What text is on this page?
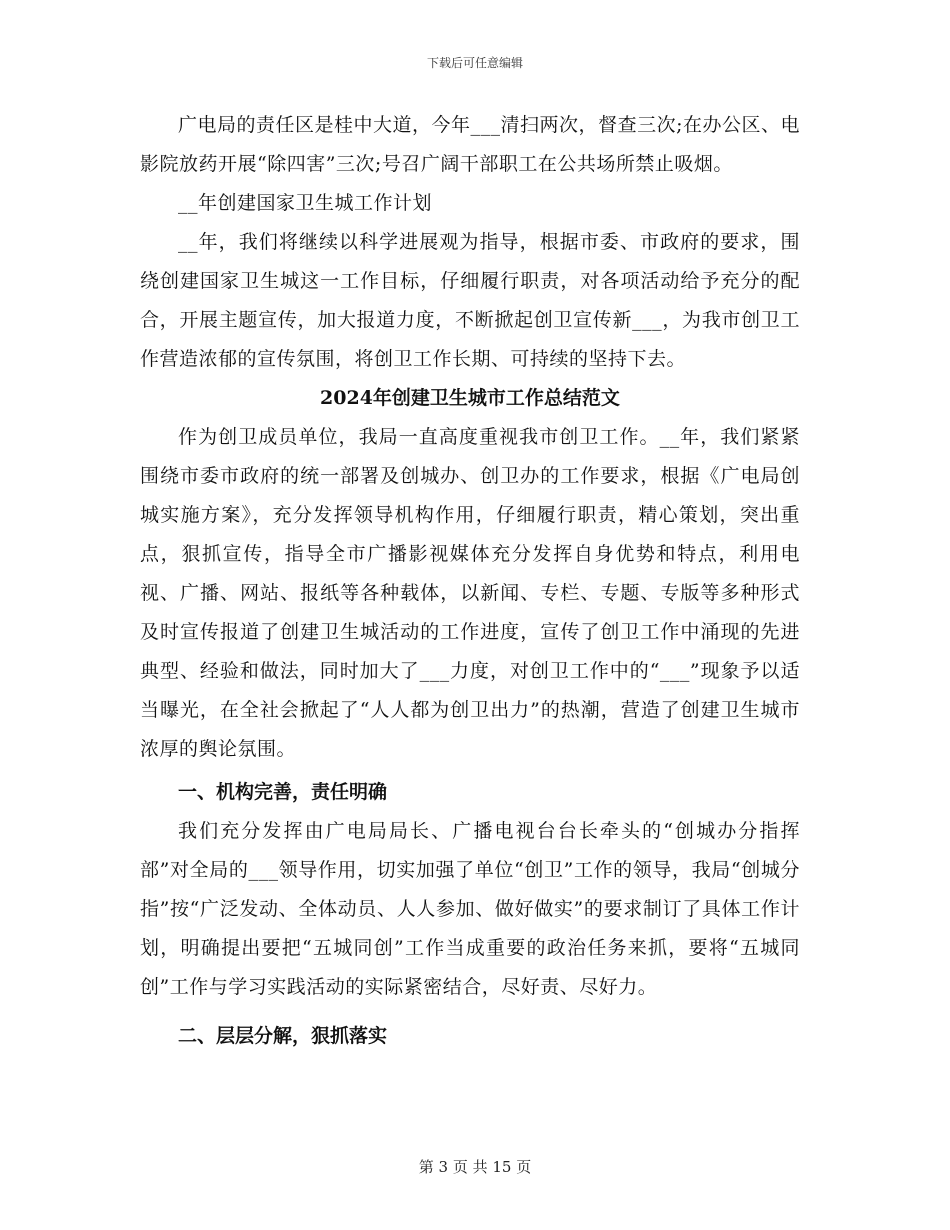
下载后可任意编辑

广电局的责任区是桂中大道，今年___清扫两次，督查三次;在办公区、电影院放药开展“除四害”三次;号召广阔干部职工在公共场所禁止吸烟。

__年创建国家卫生城工作计划

__年，我们将继续以科学进展观为指导，根据市委、市政府的要求，围绕创建国家卫生城这一工作目标，仔细履行职责，对各项活动给予充分的配合，开展主题宣传，加大报道力度，不断掀起创卫宣传新___，为我市创卫工作营造浓郁的宣传氛围，将创卫工作长期、可持续的坚持下去。

2024年创建卫生城市工作总结范文

作为创卫成员单位，我局一直高度重视我市创卫工作。__年，我们紧紧围绕市委市政府的统一部署及创城办、创卫办的工作要求，根据《广电局创城实施方案》，充分发挥领导机构作用，仔细履行职责，精心策划，突出重点，狠抓宣传，指导全市广播影视媒体充分发挥自身优势和特点，利用电视、广播、网站、报纸等各种载体，以新闻、专栏、专题、专版等多种形式及时宣传报道了创建卫生城活动的工作进度，宣传了创卫工作中涌现的先进典型、经验和做法，同时加大了___力度，对创卫工作中的“___”现象予以适当曝光，在全社会掀起了“人人都为创卫出力”的热潮，营造了创建卫生城市浓厚的舆论氛围。

一、机构完善，责任明确

我们充分发挥由广电局局长、广播电视台台长牵头的“创城办分指挥部”对全局的___领导作用，切实加强了单位“创卫”工作的领导，我局“创城分指”按“广泛发动、全体动员、人人参加、做好做实”的要求制订了具体工作计划，明确提出要把“五城同创”工作当成重要的政治任务来抓，要将“五城同创”工作与学习实践活动的实际紧密结合，尽好责、尽好力。

二、层层分解，狠抓落实

第 3 页 共 15 页
